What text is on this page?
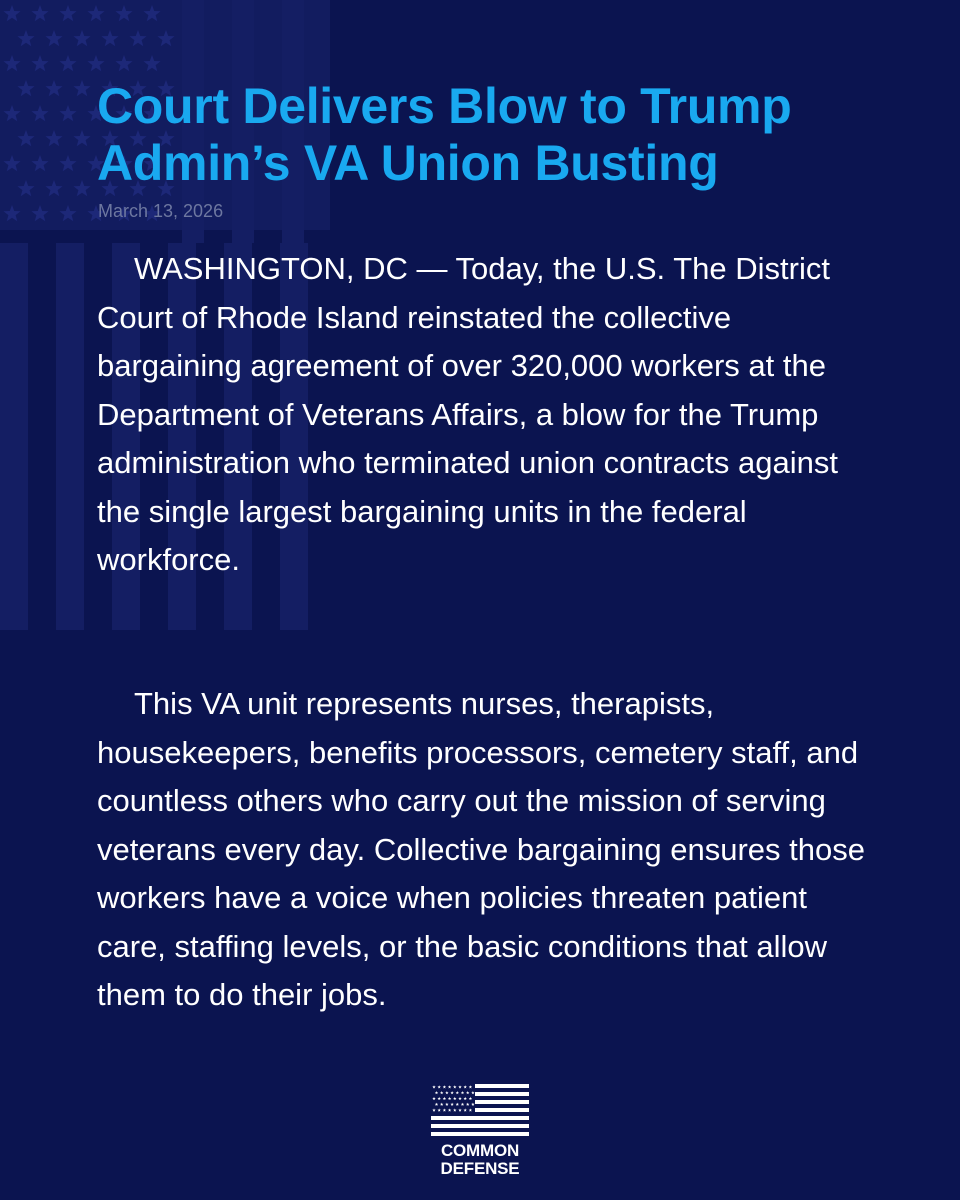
Court Delivers Blow to Trump Admin’s VA Union Busting
March 13, 2026

WASHINGTON, DC — Today, the U.S. The District Court of Rhode Island reinstated the collective bargaining agreement of over 320,000 workers at the Department of Veterans Affairs, a blow for the Trump administration who terminated union contracts against the single largest bargaining units in the federal workforce.

This VA unit represents nurses, therapists, housekeepers, benefits processors, cemetery staff, and countless others who carry out the mission of serving veterans every day. Collective bargaining ensures those workers have a voice when policies threaten patient care, staffing levels, or the basic conditions that allow them to do their jobs.

COMMON
DEFENSE
